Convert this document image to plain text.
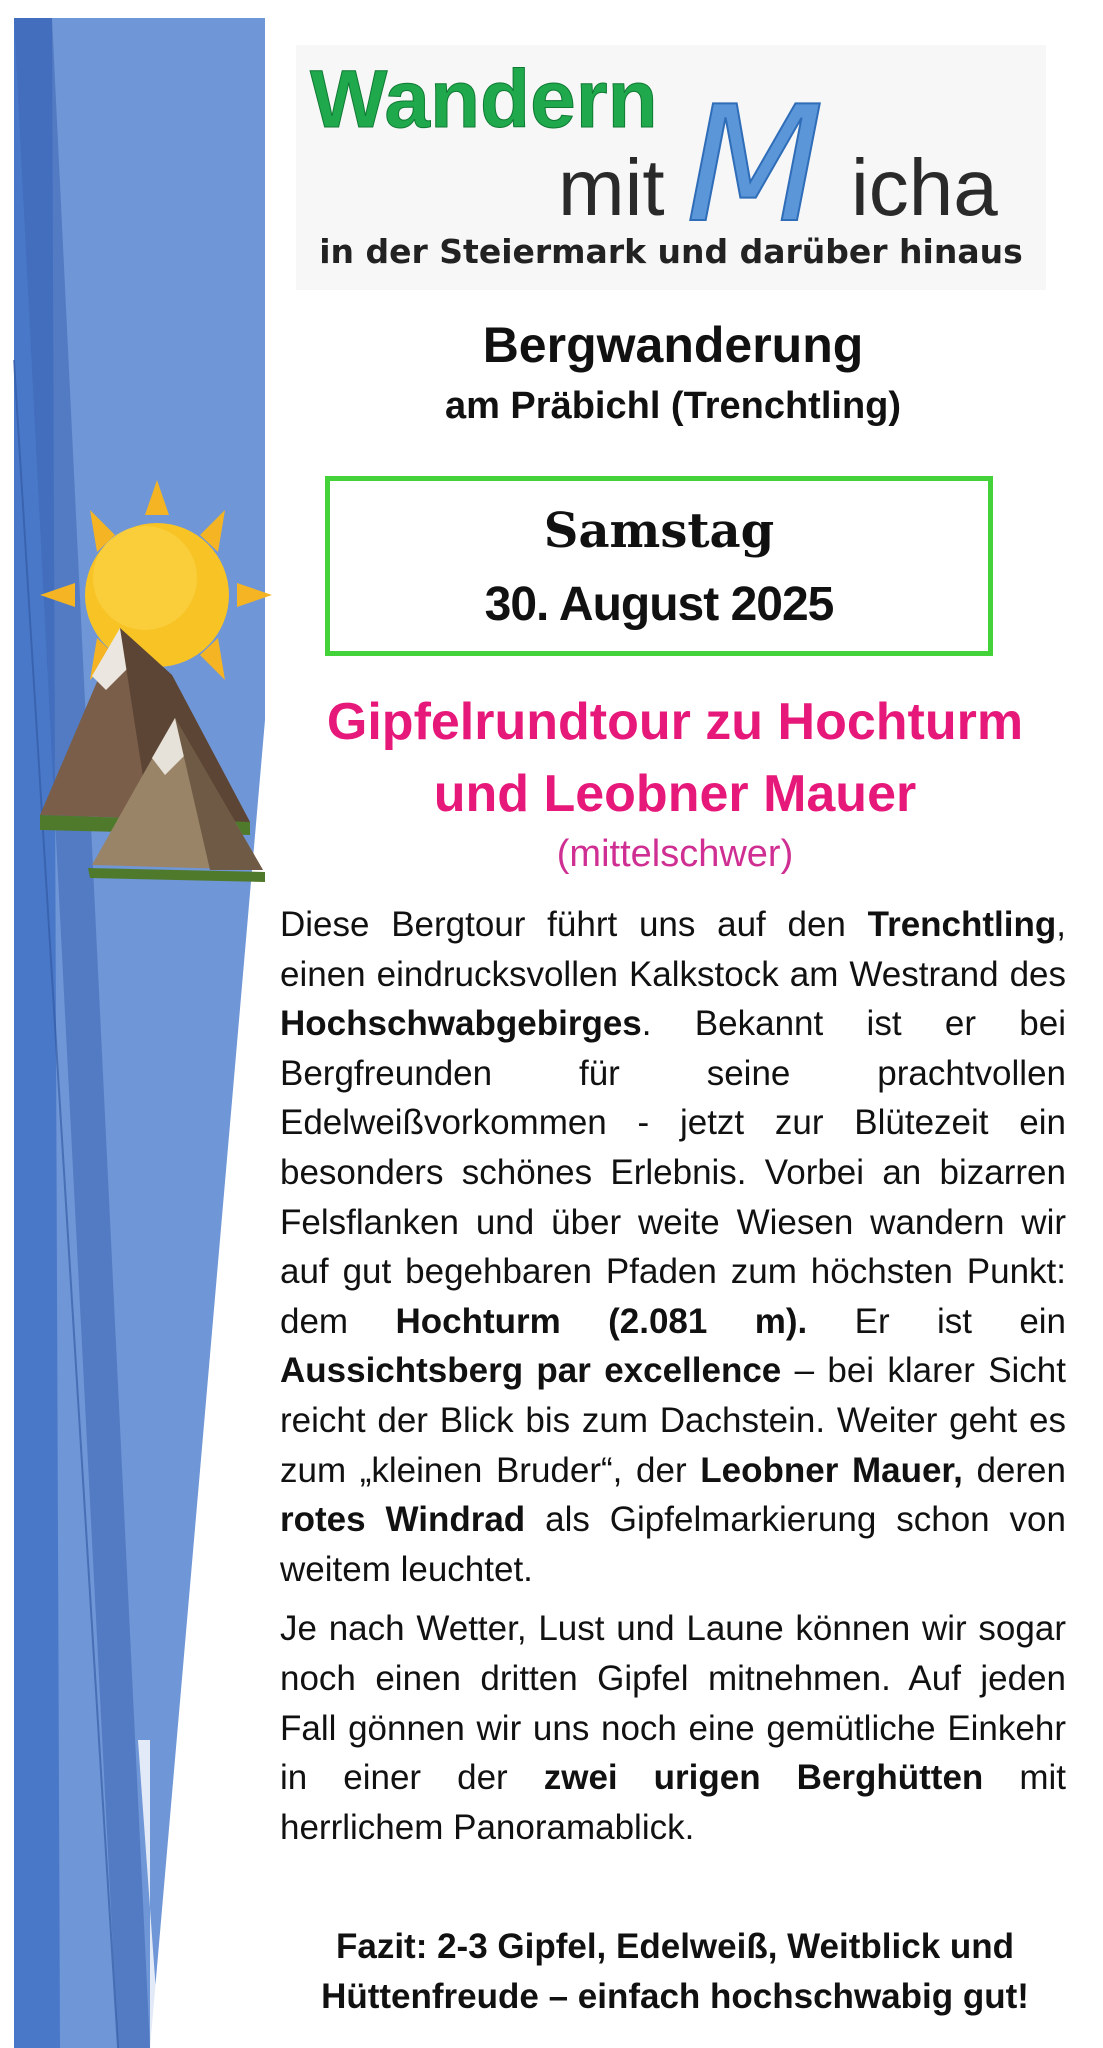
Wandern
mit M icha
in der Steiermark und darüber hinaus
Bergwanderung
am Präbichl (Trenchtling)
Samstag
30. August 2025
Gipfelrundtour zu Hochturm
und Leobner Mauer
(mittelschwer)

Diese Bergtour führt uns auf den Trenchtling, einen eindrucksvollen Kalkstock am Westrand des Hochschwabgebirges. Bekannt ist er bei Bergfreunden für seine prachtvollen Edelweißvorkommen - jetzt zur Blütezeit ein besonders schönes Erlebnis. Vorbei an bizarren Felsflanken und über weite Wiesen wandern wir auf gut begehbaren Pfaden zum höchsten Punkt: dem Hochturm (2.081 m). Er ist ein Aussichtsberg par excellence – bei klarer Sicht reicht der Blick bis zum Dachstein. Weiter geht es zum „kleinen Bruder“, der Leobner Mauer, deren rotes Windrad als Gipfelmarkierung schon von weitem leuchtet.

Je nach Wetter, Lust und Laune können wir sogar noch einen dritten Gipfel mitnehmen. Auf jeden Fall gönnen wir uns noch eine gemütliche Einkehr in einer der zwei urigen Berghütten mit herrlichem Panoramablick.

Fazit: 2-3 Gipfel, Edelweiß, Weitblick und
Hüttenfreude – einfach hochschwabig gut!
